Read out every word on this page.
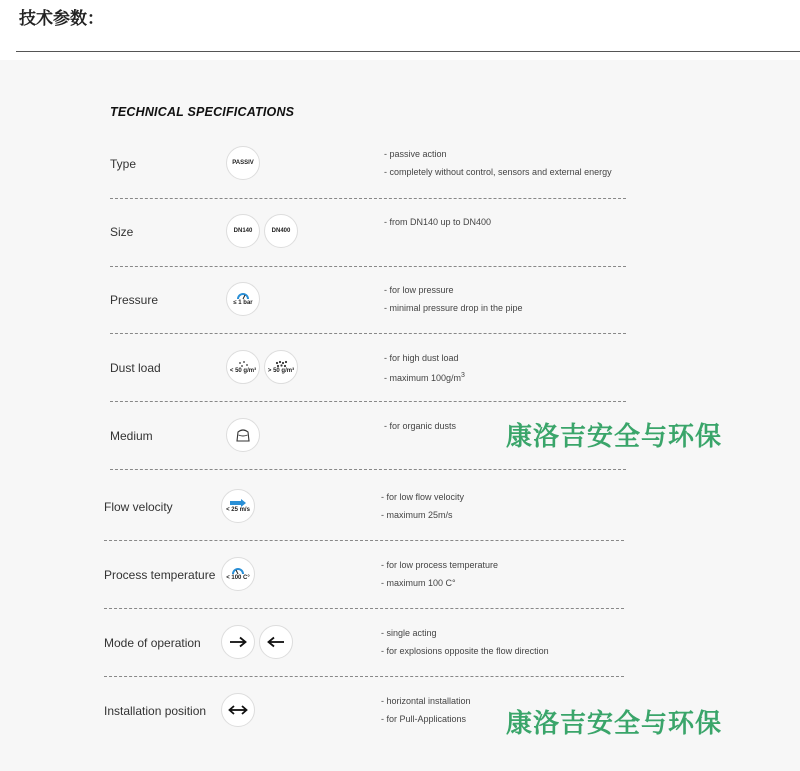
技术参数：
TECHNICAL SPECIFICATIONS
Type	PASSIV
- passive action
- completely without control, sensors and external energy
Size	DN140	DN400
- from DN140 up to DN400
Pressure	≤ 1 bar
- for low pressure
- minimal pressure drop in the pipe
Dust load	< 50 g/m³ > 50 g/m³
- for high dust load
- maximum $100g/m^3$
Medium
- for organic dusts
Flow velocity	< 25 m/s
- for low flow velocity
- maximum 25m/s
Process temperature < 100 C°
- for low process temperature
- maximum 100 C°
Mode of operation
- single acting
- for explosions opposite the flow direction
Installation position
- horizontal installation
- for Pull-Applications
康洛吉安全与环保
康洛吉安全与环保
